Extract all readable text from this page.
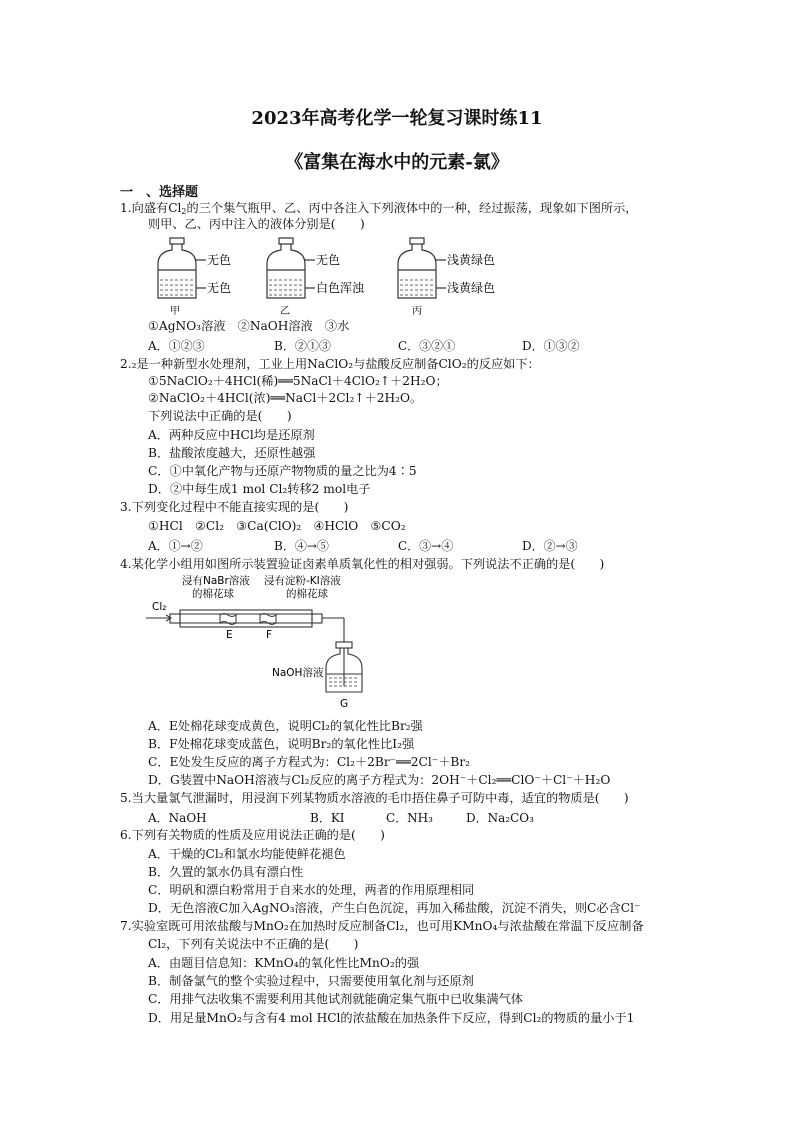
2023年高考化学一轮复习课时练11
《富集在海水中的元素-氯》
一　、选择题
1.向盛有$Cl_2$的三个集气瓶甲、乙、丙中各注入下列液体中的一种，经过振荡，现象如下图所示，
则甲、乙、丙中注入的液体分别是(　　)
无色
无色
甲
无色
白色浑浊
乙
浅黄绿色
浅黄绿色
丙
①AgNO₃溶液　②NaOH溶液　③水
A．①②③	B．②①③	C．③②①	D．①③②
2.₂是一种新型水处理剂，工业上用NaClO₂与盐酸反应制备ClO₂的反应如下：
①5NaClO₂＋4HCl(稀)══5NaCl＋4ClO₂↑＋2H₂O；
②NaClO₂＋4HCl(浓)══NaCl＋2Cl₂↑＋2H₂O。
下列说法中正确的是(　　)
A．两种反应中HCl均是还原剂
B．盐酸浓度越大，还原性越强
C．①中氧化产物与还原产物物质的量之比为4∶5
D．②中每生成1 mol Cl₂转移2 mol电子
3.下列变化过程中不能直接实现的是(　　)
①HCl　②Cl₂　③Ca(ClO)₂　④HClO　⑤CO₂
A．①→②	B．④→⑤	C．③→④	D．②→③
4.某化学小组用如图所示装置验证卤素单质氧化性的相对强弱。下列说法不正确的是(　　)
浸有NaBr溶液
的棉花球
浸有淀粉-KI溶液
的棉花球
Cl₂
E	F
NaOH溶液
G
A．E处棉花球变成黄色，说明Cl₂的氧化性比Br₂强
B．F处棉花球变成蓝色，说明Br₂的氧化性比I₂强
C．E处发生反应的离子方程式为：Cl₂＋2Br⁻══2Cl⁻＋Br₂
D．G装置中NaOH溶液与Cl₂反应的离子方程式为：2OH⁻＋Cl₂══ClO⁻＋Cl⁻＋H₂O
5.当大量氯气泄漏时，用浸润下列某物质水溶液的毛巾捂住鼻子可防中毒，适宜的物质是(　　)
A．NaOH	B．KI	C．NH₃	D．Na₂CO₃
6.下列有关物质的性质及应用说法正确的是(　　)
A．干燥的Cl₂和氯水均能使鲜花褪色
B．久置的氯水仍具有漂白性
C．明矾和漂白粉常用于自来水的处理，两者的作用原理相同
D．无色溶液C加入AgNO₃溶液，产生白色沉淀，再加入稀盐酸，沉淀不消失，则C必含Cl⁻
7.实验室既可用浓盐酸与MnO₂在加热时反应制备Cl₂，也可用KMnO₄与浓盐酸在常温下反应制备
Cl₂，下列有关说法中不正确的是(　　)
A．由题目信息知：KMnO₄的氧化性比MnO₂的强
B．制备氯气的整个实验过程中，只需要使用氧化剂与还原剂
C．用排气法收集不需要利用其他试剂就能确定集气瓶中已收集满气体
D．用足量MnO₂与含有4 mol HCl的浓盐酸在加热条件下反应，得到Cl₂的物质的量小于1
